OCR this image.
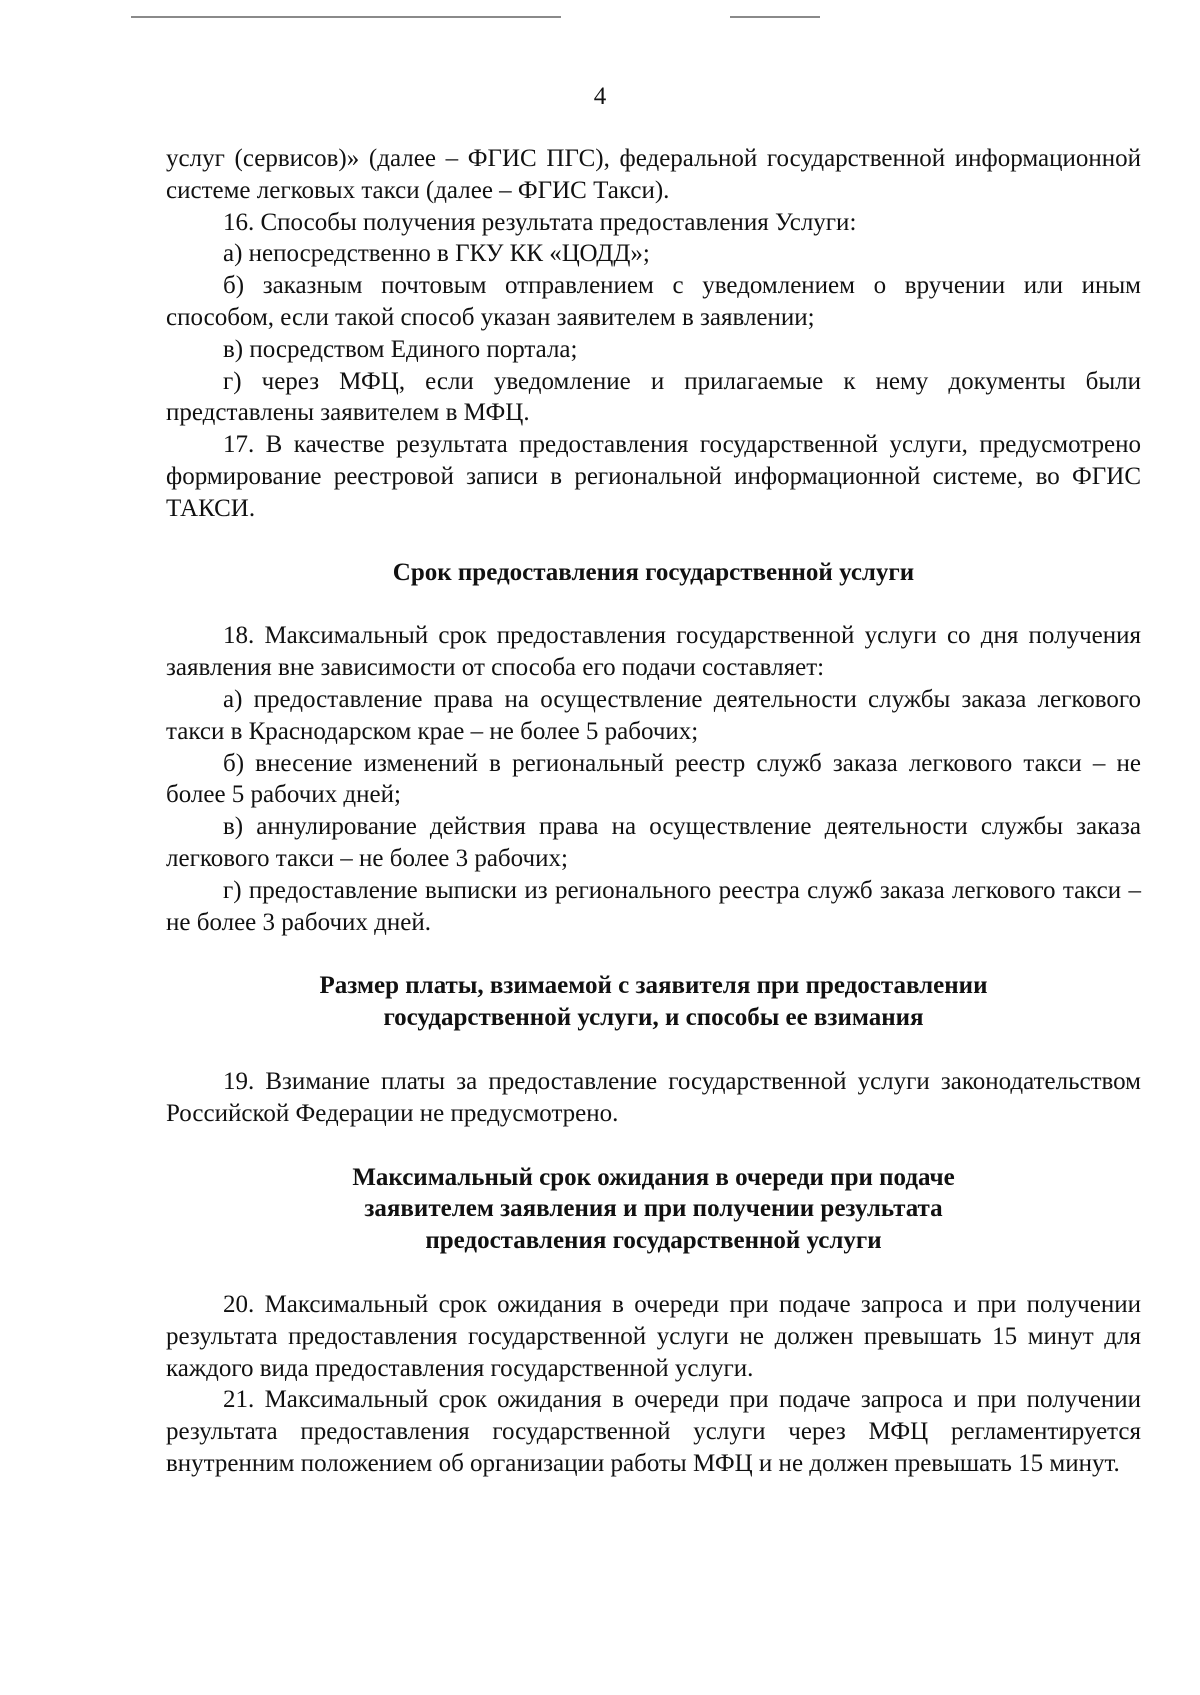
4

услуг (сервисов)» (далее – ФГИС ПГС), федеральной государственной информационной системе легковых такси (далее – ФГИС Такси).

16. Способы получения результата предоставления Услуги:

а) непосредственно в ГКУ КК «ЦОДД»;

б) заказным почтовым отправлением с уведомлением о вручении или иным способом, если такой способ указан заявителем в заявлении;

в) посредством Единого портала;

г) через МФЦ, если уведомление и прилагаемые к нему документы были представлены заявителем в МФЦ.

17. В качестве результата предоставления государственной услуги, предусмотрено формирование реестровой записи в региональной информационной системе, во ФГИС ТАКСИ.

Срок предоставления государственной услуги

18. Максимальный срок предоставления государственной услуги со дня получения заявления вне зависимости от способа его подачи составляет:

а) предоставление права на осуществление деятельности службы заказа легкового такси в Краснодарском крае – не более 5 рабочих;

б) внесение изменений в региональный реестр служб заказа легкового такси – не более 5 рабочих дней;

в) аннулирование действия права на осуществление деятельности службы заказа легкового такси – не более 3 рабочих;

г) предоставление выписки из регионального реестра служб заказа легкового такси – не более 3 рабочих дней.

Размер платы, взимаемой с заявителя при предоставлении
государственной услуги, и способы ее взимания

19. Взимание платы за предоставление государственной услуги законодательством Российской Федерации не предусмотрено.

Максимальный срок ожидания в очереди при подаче
заявителем заявления и при получении результата
предоставления государственной услуги

20. Максимальный срок ожидания в очереди при подаче запроса и при получении результата предоставления государственной услуги не должен превышать 15 минут для каждого вида предоставления государственной услуги.

21. Максимальный срок ожидания в очереди при подаче запроса и при получении результата предоставления государственной услуги через МФЦ регламентируется внутренним положением об организации работы МФЦ и не должен превышать 15 минут.
